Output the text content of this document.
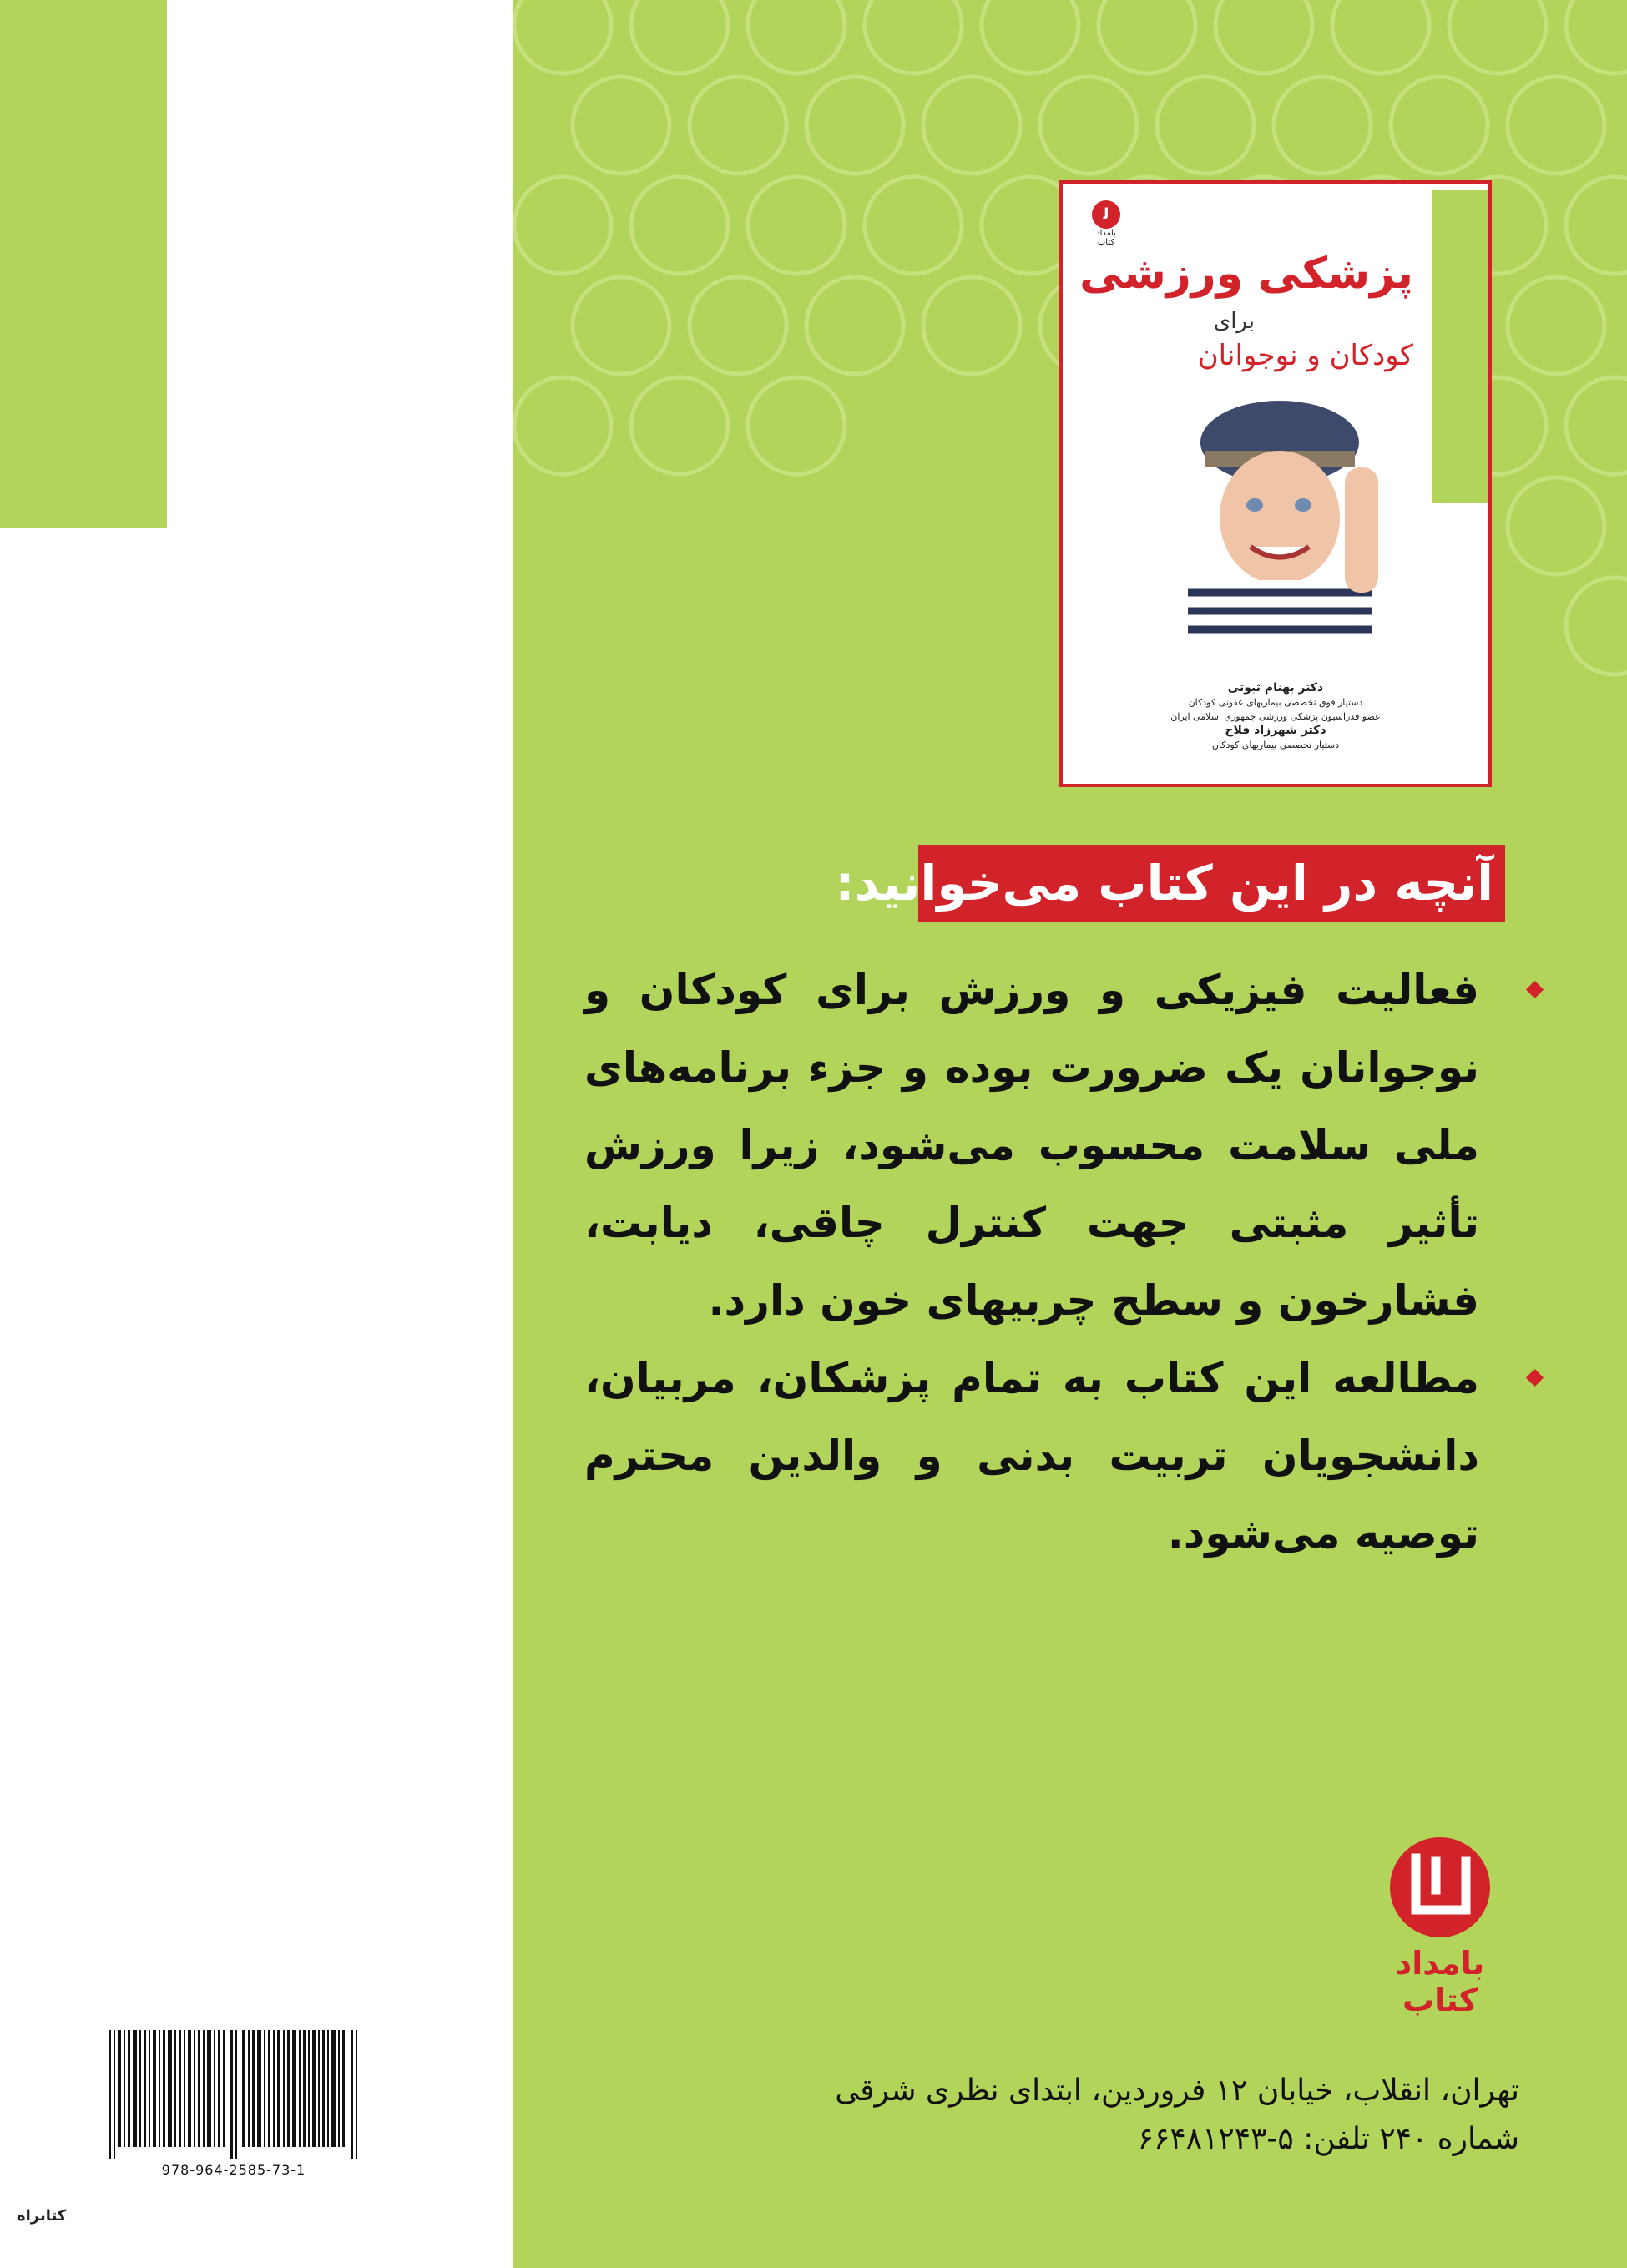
ﻟ
بامداد کتاب
پزشکی ورزشی
برای
کودکان و نوجوانان
دکتر بهنام ثبوتی
دستیار فوق تخصصی بیماریهای عفونی کودکان
عضو فدراسیون پزشکی ورزشی جمهوری اسلامی ایران
دکتر شهرزاد فلاح
دستیار تخصصی بیماریهای کودکان
آنچه در این کتاب می‌خوانید:
فعالیت فیزیکی و ورزش برای کودکان و نوجوانان یک ضرورت بوده و جزء برنامه‌های ملی سلامت محسوب می‌شود، زیرا ورزش تأثیر مثبتی جهت کنترل چاقی، دیابت، فشارخون و سطح چربیهای خون دارد.
مطالعه این کتاب به تمام پزشکان، مربیان، دانشجویان تربیت بدنی و والدین محترم توصیه می‌شود.
بامداد کتاب
تهران، انقلاب، خیابان ۱۲ فروردین، ابتدای نظری شرقی
شماره ۲۴۰ تلفن: ۵-۶۶۴۸۱۲۴۳
978-964-2585-73-1
کتابراه
